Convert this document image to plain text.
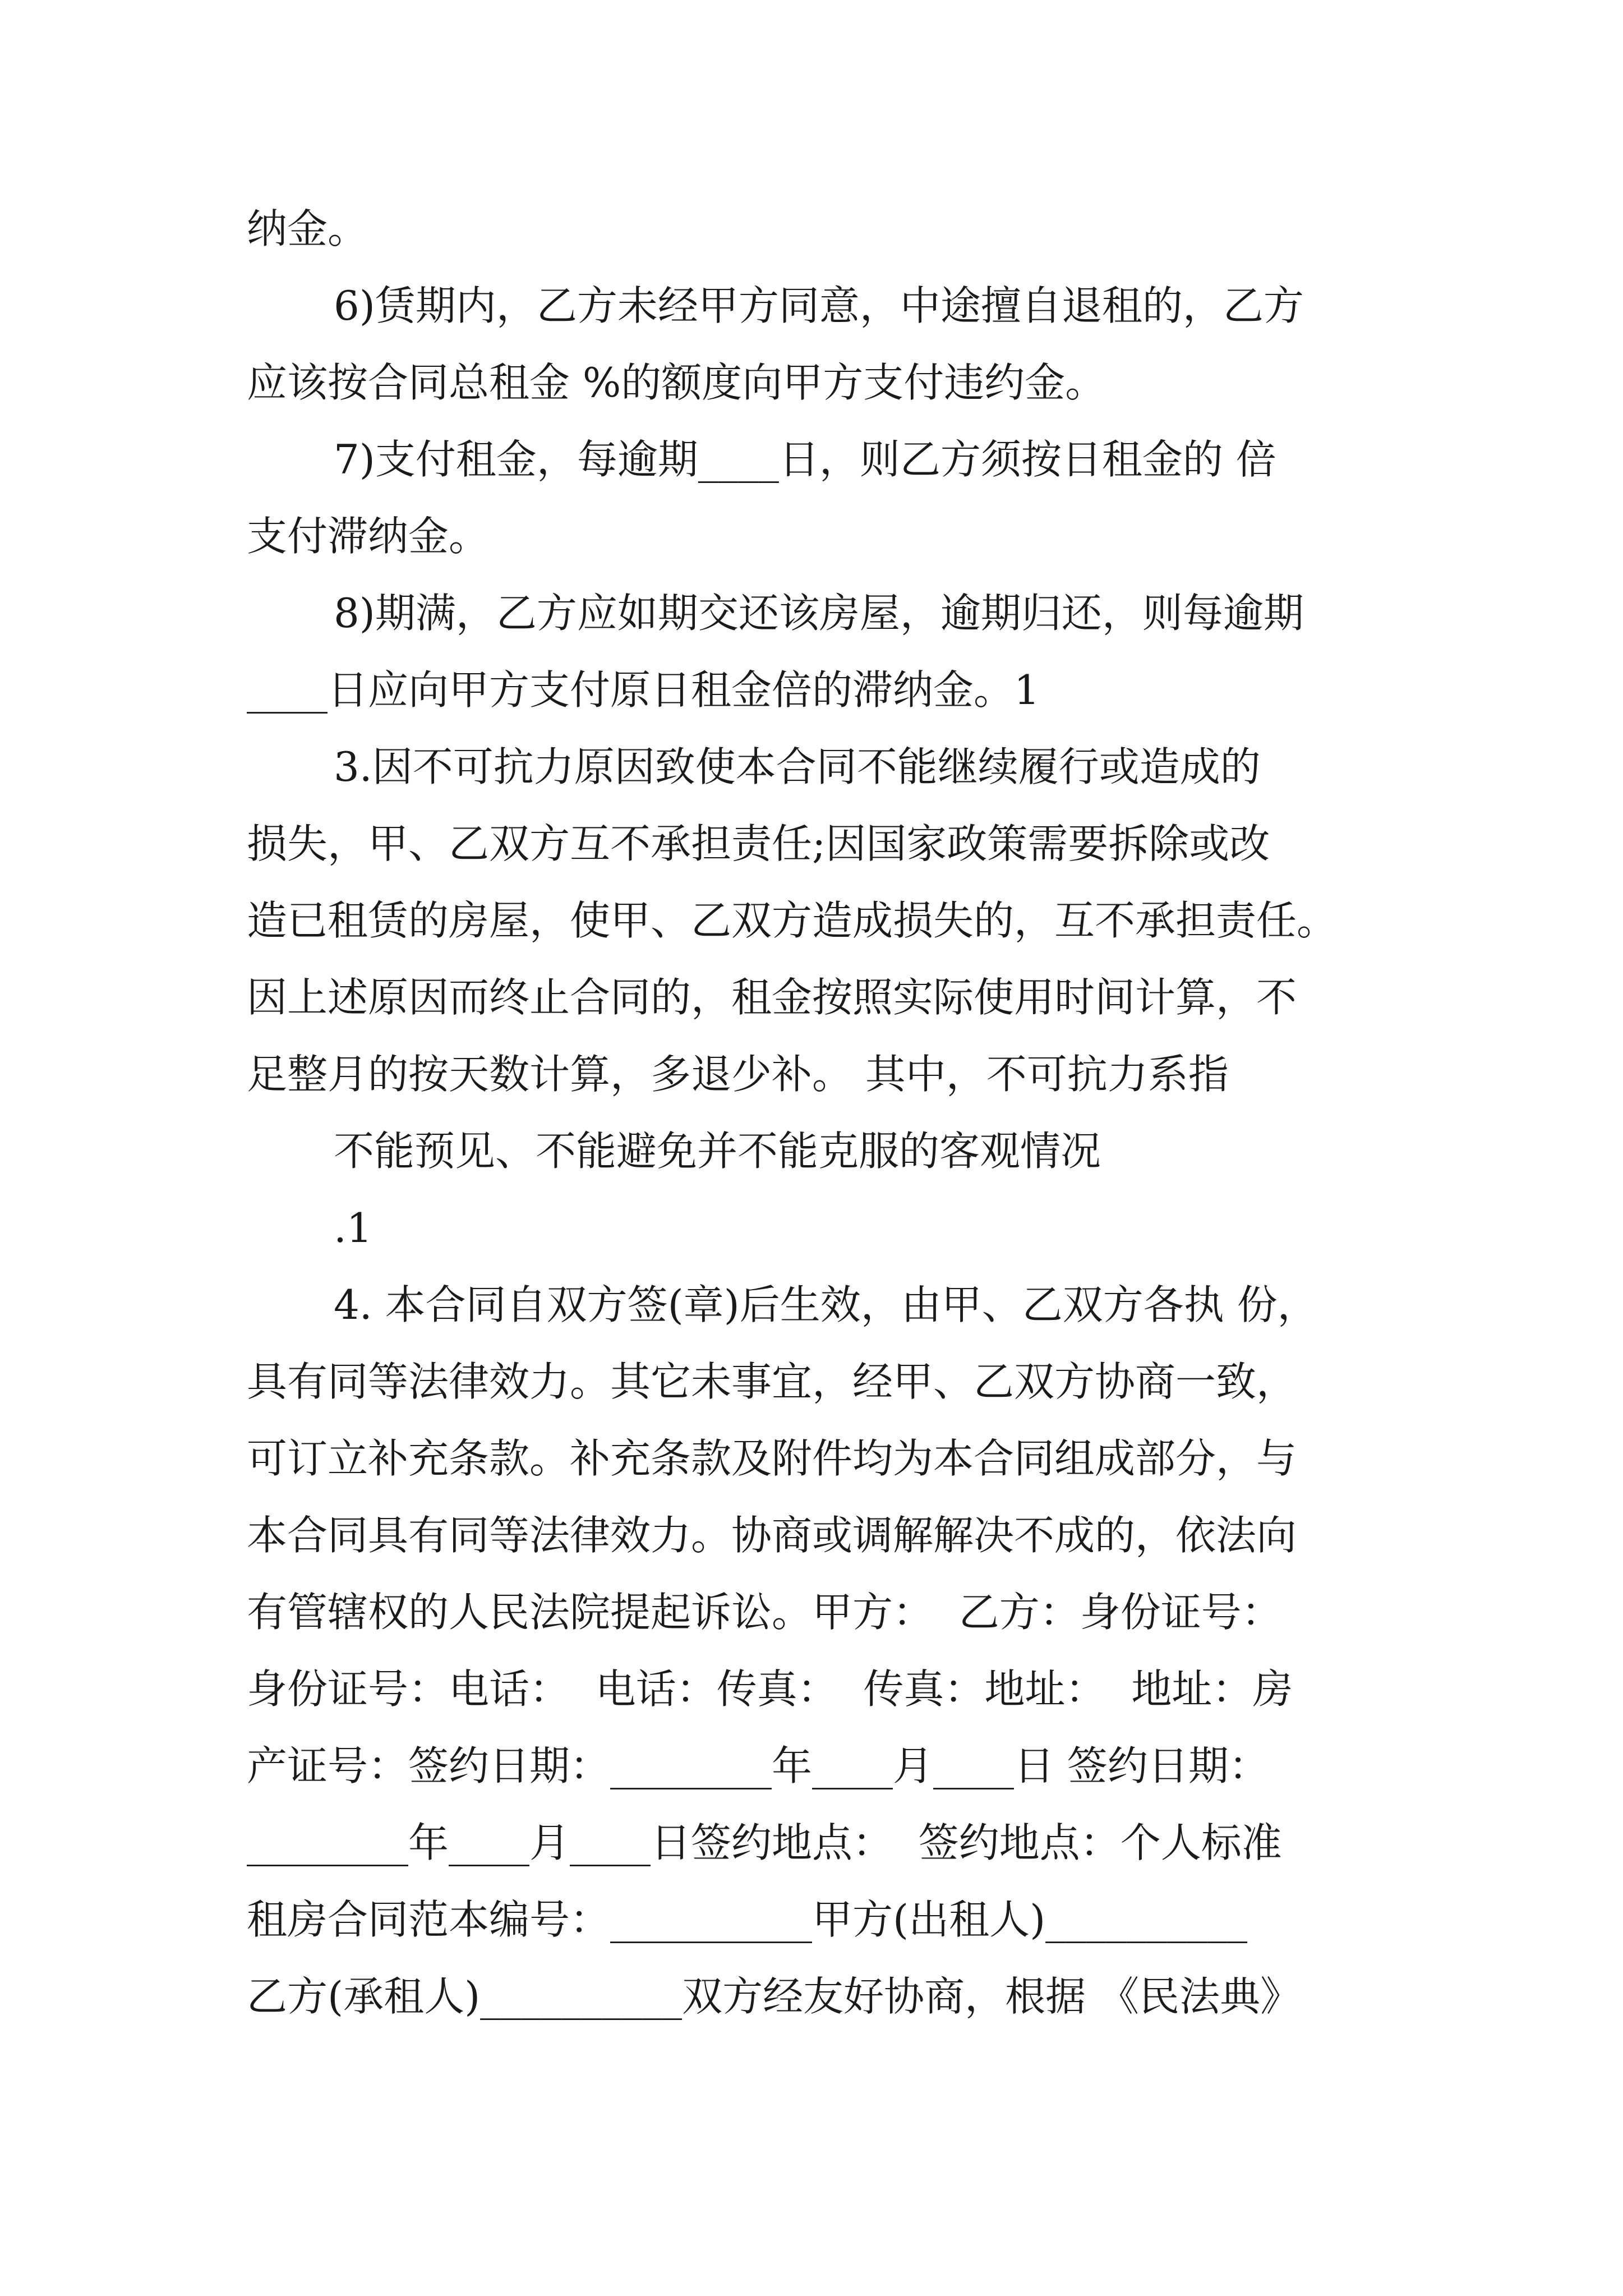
纳金。
6)赁期内，乙方未经甲方同意，中途擅自退租的，乙方
应该按合同总租金 %的额度向甲方支付违约金。
7)支付租金，每逾期____日，则乙方须按日租金的 倍
支付滞纳金。
8)期满，乙方应如期交还该房屋，逾期归还，则每逾期
____日应向甲方支付原日租金倍的滞纳金。1
3.因不可抗力原因致使本合同不能继续履行或造成的
损失，甲、乙双方互不承担责任;因国家政策需要拆除或改
造已租赁的房屋，使甲、乙双方造成损失的，互不承担责任。
因上述原因而终止合同的，租金按照实际使用时间计算，不
足整月的按天数计算，多退少补。 其中，不可抗力系指
不能预见、不能避免并不能克服的客观情况
.1
4. 本合同自双方签(章)后生效，由甲、乙双方各执 份，
具有同等法律效力。其它未事宜，经甲、乙双方协商一致，
可订立补充条款。补充条款及附件均为本合同组成部分，与
本合同具有同等法律效力。协商或调解解决不成的，依法向
有管辖权的人民法院提起诉讼。甲方：  乙方：身份证号：
身份证号：电话：  电话：传真：  传真：地址：  地址：房
产证号：签约日期：________年____月____日 签约日期：
________年____月____日签约地点：  签约地点：个人标准
租房合同范本编号：__________甲方(出租人)__________
乙方(承租人)__________双方经友好协商，根据 《民法典》
